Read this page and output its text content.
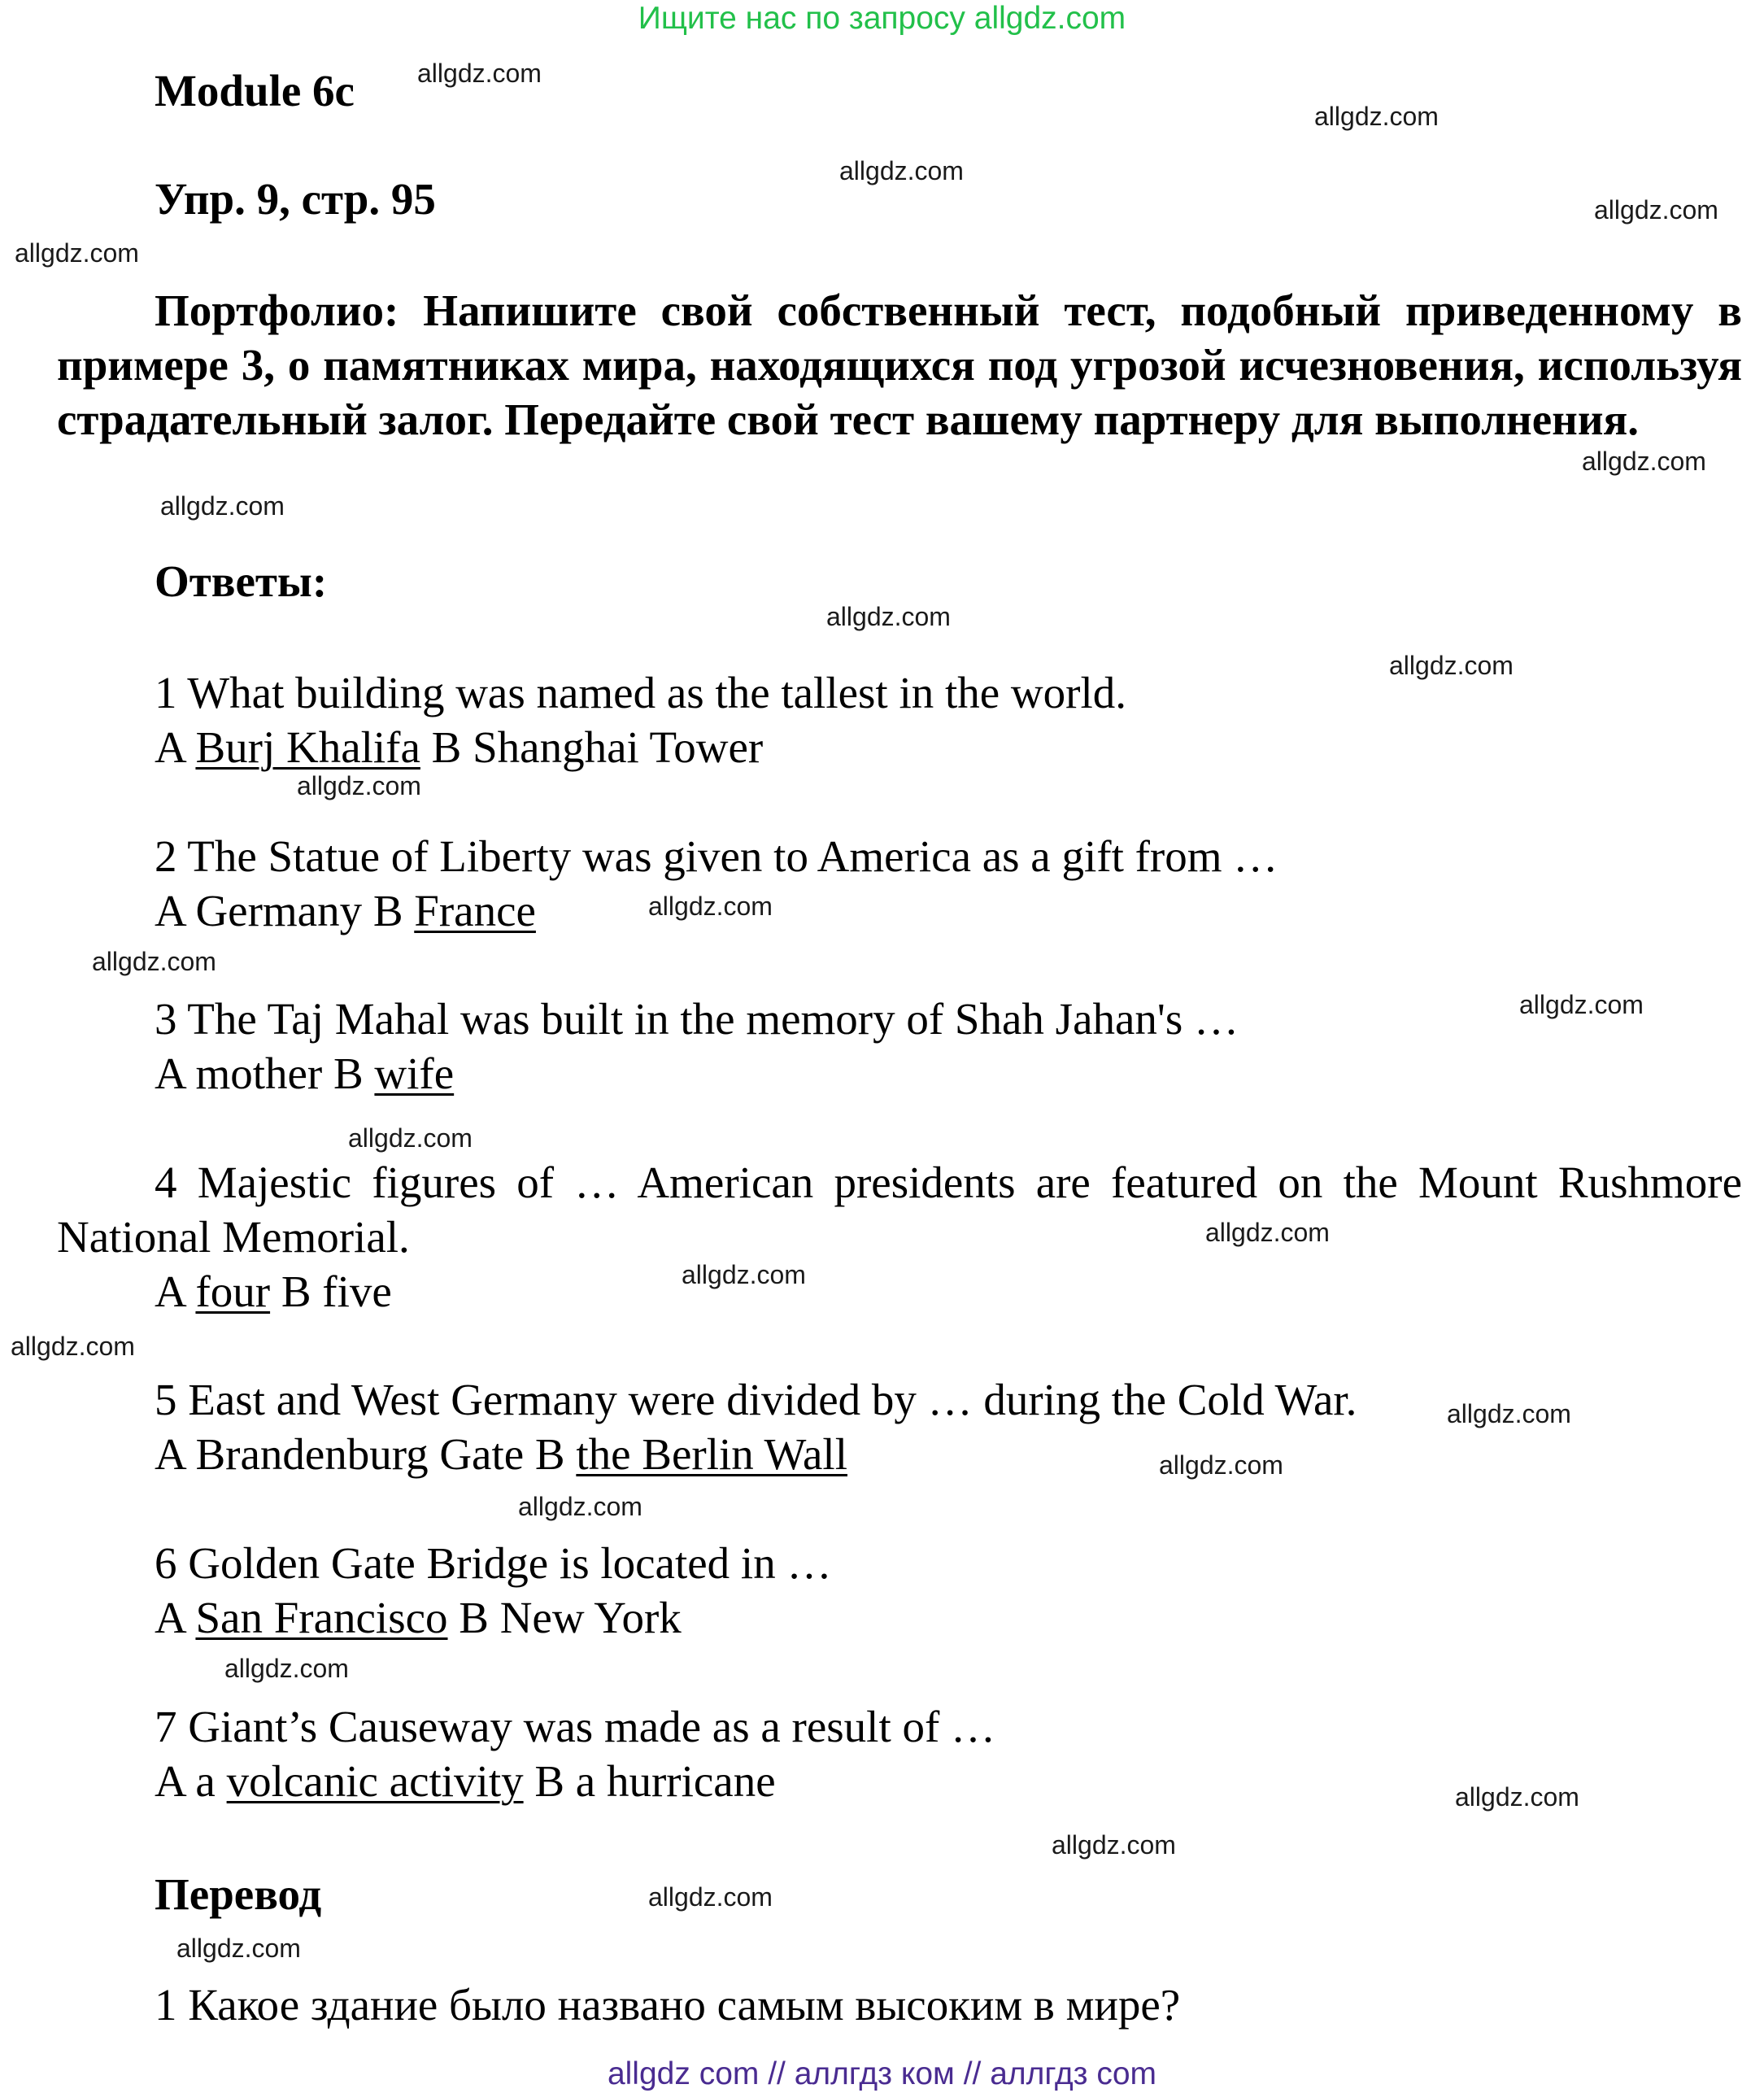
Ищите нас по запросу allgdz.com
Module 6c
Упр. 9, стр. 95

Портфолио: Напишите свой собственный тест, подобный приведенному в примере 3, о памятниках мира, находящихся под угрозой исчезновения, используя страдательный залог. Передайте свой тест вашему партнеру для выполнения.

Ответы:
1 What building was named as the tallest in the world.
A Burj Khalifa B Shanghai Tower
2 The Statue of Liberty was given to America as a gift from …
A Germany B France
3 The Taj Mahal was built in the memory of Shah Jahan's …
A mother B wife
4 Majestic figures of … American presidents are featured on the Mount Rushmore National Memorial.
A four B five
5 East and West Germany were divided by … during the Cold War.
A Brandenburg Gate B the Berlin Wall
6 Golden Gate Bridge is located in …
A San Francisco B New York
7 Giant’s Causeway was made as a result of …
A a volcanic activity B a hurricane
Перевод

1 Какое здание было названо самым высоким в мире?

allgdz.com
allgdz.com
allgdz.com
allgdz.com
allgdz.com
allgdz.com
allgdz.com
allgdz.com
allgdz.com
allgdz.com
allgdz.com
allgdz.com
allgdz.com
allgdz.com
allgdz.com
allgdz.com
allgdz.com
allgdz.com
allgdz.com
allgdz.com
allgdz.com
allgdz.com
allgdz.com
allgdz.com
allgdz.com
allgdz com // аллгдз ком // аллгдз com
